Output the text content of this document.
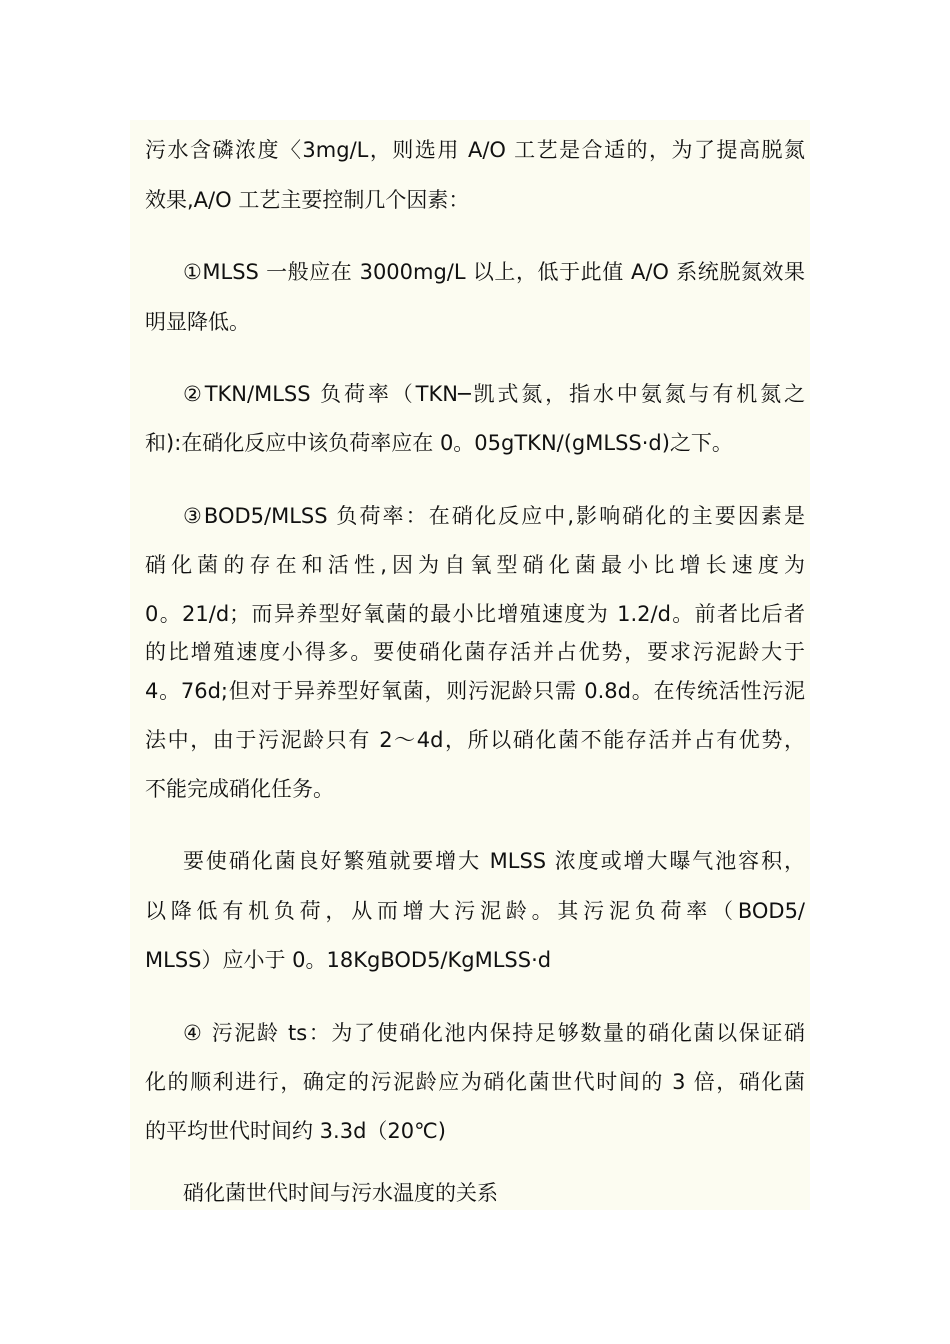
污水含磷浓度〈3mg/L，则选用 A/O 工艺是合适的，为了提高脱氮
效果,A/O 工艺主要控制几个因素：
①MLSS 一般应在 3000mg/L 以上，低于此值 A/O 系统脱氮效果
明显降低。
②TKN/MLSS 负荷率（TKN─凯式氮，指水中氨氮与有机氮之
和):在硝化反应中该负荷率应在 0。05gTKN/(gMLSS·d)之下。
③BOD5/MLSS 负荷率：在硝化反应中,影响硝化的主要因素是
硝化菌的存在和活性,因为自氧型硝化菌最小比增长速度为
0。21/d；而异养型好氧菌的最小比增殖速度为 1.2/d。前者比后者
的比增殖速度小得多。要使硝化菌存活并占优势，要求污泥龄大于
4。76d;但对于异养型好氧菌，则污泥龄只需 0.8d。在传统活性污泥
法中，由于污泥龄只有 2～4d，所以硝化菌不能存活并占有优势，
不能完成硝化任务。
要使硝化菌良好繁殖就要增大 MLSS 浓度或增大曝气池容积，
以降低有机负荷，从而增大污泥龄。其污泥负荷率（BOD5/
MLSS）应小于 0。18KgBOD5/KgMLSS·d
④ 污泥龄 ts：为了使硝化池内保持足够数量的硝化菌以保证硝
化的顺利进行，确定的污泥龄应为硝化菌世代时间的 3 倍，硝化菌
的平均世代时间约 3.3d（20℃)
硝化菌世代时间与污水温度的关系
